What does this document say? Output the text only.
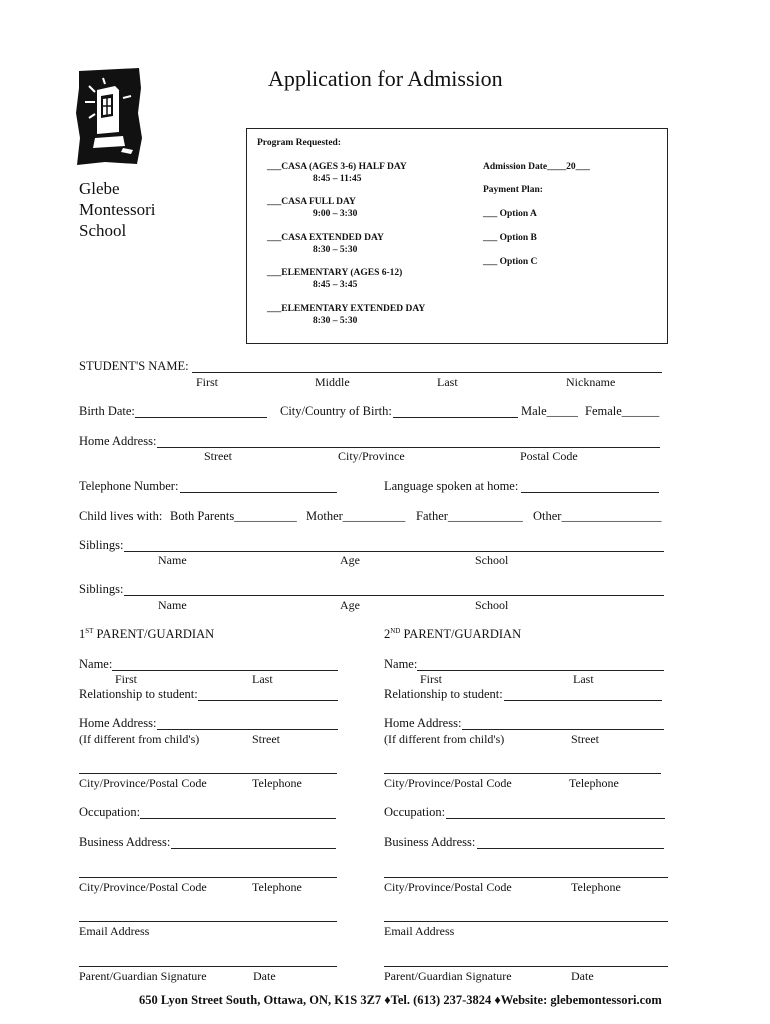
Application for Admission
Glebe
Montessori
School
Program Requested:
___CASA (AGES 3-6) HALF DAY
8:45 – 11:45
___CASA FULL DAY
9:00 – 3:30
___CASA EXTENDED DAY
8:30 – 5:30
___ELEMENTARY (AGES 6-12)
8:45 – 3:45
___ELEMENTARY EXTENDED DAY
8:30 – 5:30
Admission Date____20___
Payment Plan:
___ Option A
___ Option B
___ Option C
STUDENT'S NAME:
First	Middle	Last	Nickname
Birth Date:	City/Country of Birth:	Male_____ Female______
Home Address:
Street	City/Province	Postal Code
Telephone Number:	Language spoken at home:
Child lives with: Both Parents__________ Mother__________ Father____________ Other________________
Siblings:
Name	Age	School
Siblings:
Name	Age	School
1ST PARENT/GUARDIAN	2ND PARENT/GUARDIAN
Name:
First	Last
Relationship to student:
Home Address:
(If different from child's)	Street
City/Province/Postal Code	Telephone
Occupation:
Business Address:
City/Province/Postal Code	Telephone
Email Address
Parent/Guardian Signature	Date
Name:
First	Last
Relationship to student:
Home Address:
(If different from child's)	Street
City/Province/Postal Code	Telephone
Occupation:
Business Address:
City/Province/Postal Code	Telephone
Email Address
Parent/Guardian Signature	Date
650 Lyon Street South, Ottawa, ON, K1S 3Z7 ♦Tel. (613) 237-3824 ♦Website: glebemontessori.com
